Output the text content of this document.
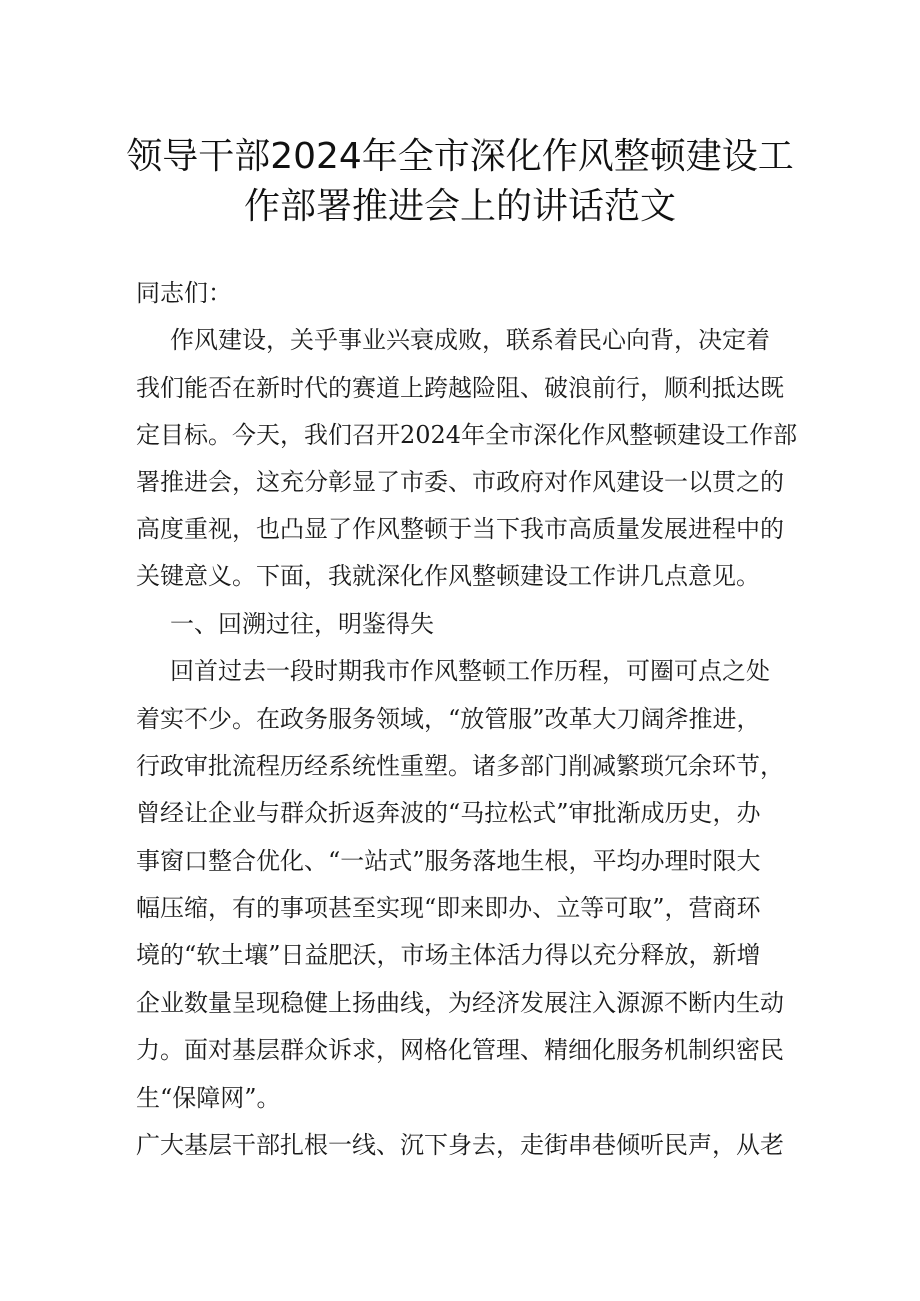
领导干部2024年全市深化作风整顿建设工
作部署推进会上的讲话范文

同志们：

作风建设，关乎事业兴衰成败，联系着民心向背，决定着

我们能否在新时代的赛道上跨越险阻、破浪前行，顺利抵达既

定目标。今天，我们召开2024年全市深化作风整顿建设工作部

署推进会，这充分彰显了市委、市政府对作风建设一以贯之的

高度重视，也凸显了作风整顿于当下我市高质量发展进程中的

关键意义。下面，我就深化作风整顿建设工作讲几点意见。

一、回溯过往，明鉴得失

回首过去一段时期我市作风整顿工作历程，可圈可点之处

着实不少。在政务服务领域，“放管服”改革大刀阔斧推进，

行政审批流程历经系统性重塑。诸多部门削减繁琐冗余环节，

曾经让企业与群众折返奔波的“马拉松式”审批渐成历史，办

事窗口整合优化、“一站式”服务落地生根，平均办理时限大

幅压缩，有的事项甚至实现“即来即办、立等可取”，营商环

境的“软土壤”日益肥沃，市场主体活力得以充分释放，新增

企业数量呈现稳健上扬曲线，为经济发展注入源源不断内生动

力。面对基层群众诉求，网格化管理、精细化服务机制织密民

生“保障网”。

广大基层干部扎根一线、沉下身去，走街串巷倾听民声，从老
